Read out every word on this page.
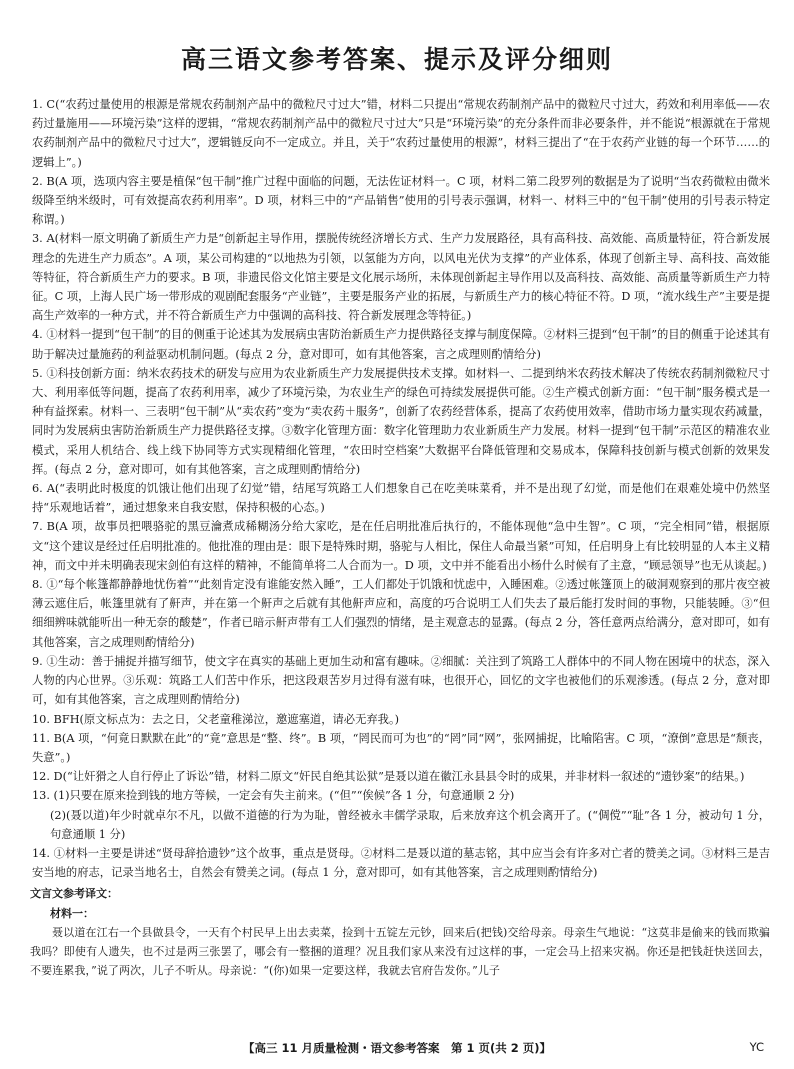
高三语文参考答案、提示及评分细则

1. C(“农药过量使用的根源是常规农药制剂产品中的微粒尺寸过大”错，材料二只提出“常规农药制剂产品中的微粒尺寸过大，药效和利用率低——农药过量施用——环境污染”这样的逻辑，“常规农药制剂产品中的微粒尺寸过大”只是“环境污染”的充分条件而非必要条件，并不能说“根源就在于常规农药制剂产品中的微粒尺寸过大”，逻辑链反向不一定成立。并且，关于“农药过量使用的根源”，材料三提出了“在于农药产业链的每一个环节……的逻辑上”。)

2. B(A 项，选项内容主要是植保“包干制”推广过程中面临的问题，无法佐证材料一。C 项，材料二第二段罗列的数据是为了说明“当农药微粒由微米级降至纳米级时，可有效提高农药利用率”。D 项，材料三中的“产品销售”使用的引号表示强调，材料一、材料三中的“包干制”使用的引号表示特定称谓。)

3. A(材料一原文明确了新质生产力是“创新起主导作用，摆脱传统经济增长方式、生产力发展路径，具有高科技、高效能、高质量特征，符合新发展理念的先进生产力质态”。A 项，某公司构建的“以地热为引领，以氢能为方向，以风电光伏为支撑”的产业体系，体现了创新主导、高科技、高效能等特征，符合新质生产力的要求。B 项，非遗民俗文化馆主要是文化展示场所，未体现创新起主导作用以及高科技、高效能、高质量等新质生产力特征。C 项，上海人民广场一带形成的观剧配套服务“产业链”，主要是服务产业的拓展，与新质生产力的核心特征不符。D 项，“流水线生产”主要是提高生产效率的一种方式，并不符合新质生产力中强调的高科技、符合新发展理念等特征。)

4. ①材料一提到“包干制”的目的侧重于论述其为发展病虫害防治新质生产力提供路径支撑与制度保障。②材料三提到“包干制”的目的侧重于论述其有助于解决过量施药的利益驱动机制问题。(每点 2 分，意对即可，如有其他答案，言之成理则酌情给分)

5. ①科技创新方面：纳米农药技术的研发与应用为农业新质生产力发展提供技术支撑。如材料一、二提到纳米农药技术解决了传统农药制剂微粒尺寸大、利用率低等问题，提高了农药利用率，减少了环境污染，为农业生产的绿色可持续发展提供可能。②生产模式创新方面：“包干制”服务模式是一种有益探索。材料一、三表明“包干制”从“卖农药”变为“卖农药＋服务”，创新了农药经营体系，提高了农药使用效率，借助市场力量实现农药减量，同时为发展病虫害防治新质生产力提供路径支撑。③数字化管理方面：数字化管理助力农业新质生产力发展。材料一提到“包干制”示范区的精准农业模式，采用人机结合、线上线下协同等方式实现精细化管理，“农田时空档案”大数据平台降低管理和交易成本，保障科技创新与模式创新的效果发挥。(每点 2 分，意对即可，如有其他答案，言之成理则酌情给分)

6. A(“表明此时极度的饥饿让他们出现了幻觉”错，结尾写筑路工人们想象自己在吃美味菜肴，并不是出现了幻觉，而是他们在艰难处境中仍然坚持“乐观地话着”，通过想象来自我安慰，保持积极的心态。)

7. B(A 项，故事员把喂骆驼的黑豆瀹煮成稀糊汤分给大家吃，是在任启明批准后执行的，不能体现他“急中生智”。C 项，“完全相同”错，根据原文“这个建议是经过任启明批准的。他批准的理由是：眼下是特殊时期，骆驼与人相比，保住人命最当紧”可知，任启明身上有比较明显的人本主义精神，而文中并未明确表现宋剑伯有这样的精神，不能简单将二人合而为一。D 项，文中并不能看出小杨什么时候有了主意，“顾忌领导”也无从谈起。)

8. ①“每个帐篷都静静地忧伤着”“此刻肯定没有谁能安然入睡”，工人们都处于饥饿和忧虑中，入睡困难。②透过帐篷顶上的破洞观察到的那片夜空被薄云遮住后，帐篷里就有了鼾声，并在第一个鼾声之后就有其他鼾声应和，高度的巧合说明工人们失去了最后能打发时间的事物，只能装睡。③“但细细辨味就能听出一种无奈的酸楚”，作者已暗示鼾声带有工人们强烈的情绪，是主观意志的显露。(每点 2 分，答任意两点给满分，意对即可，如有其他答案，言之成理则酌情给分)

9. ①生动：善于捕捉并描写细节，使文字在真实的基础上更加生动和富有趣味。②细腻：关注到了筑路工人群体中的不同人物在困境中的状态，深入人物的内心世界。③乐观：筑路工人们苦中作乐，把这段艰苦岁月过得有滋有味，也很开心，回忆的文字也被他们的乐观渗透。(每点 2 分，意对即可，如有其他答案，言之成理则酌情给分)

10. BFH(原文标点为：去之日，父老童稚涕泣，邀遮塞道，请必无弃我。)

11. B(A 项，“何竟日默默在此”的“竟”意思是“整、终”。B 项，“罔民而可为也”的“罔”同“网”，张网捕捉，比喻陷害。C 项，“潦倒”意思是“颓丧，失意”。)

12. D(“让奸猾之人自行停止了诉讼”错，材料二原文“奸民自绝其讼狱”是聂以道在徽江永县县令时的成果，并非材料一叙述的“遗钞案”的结果。)

13. (1)只要在原来捡到钱的地方等候，一定会有失主前来。(“但”“俟候”各 1 分，句意通顺 2 分)

(2)(聂以道)年少时就卓尔不凡，以做不道德的行为为耻，曾经被永丰儒学录取，后来放弃这个机会离开了。(“倜傥”“耻”各 1 分，被动句 1 分，句意通顺 1 分)

14. ①材料一主要是讲述“贤母辞拾遗钞”这个故事，重点是贤母。②材料二是聂以道的墓志铭，其中应当会有许多对亡者的赞美之词。③材料三是吉安当地的府志，记录当地名士，自然会有赞美之词。(每点 1 分，意对即可，如有其他答案，言之成理则酌情给分)

文言文参考译文：

材料一：

聂以道在江右一个县做县令，一天有个村民早上出去卖菜，捡到十五锭左元钞，回来后(把钱)交给母亲。母亲生气地说：“这莫非是偷来的钱而欺骗我吗？即使有人遗失，也不过是两三张罢了，哪会有一整捆的道理？况且我们家从来没有过这样的事，一定会马上招来灾祸。你还是把钱赶快送回去，不要连累我，”说了两次，儿子不听从。母亲说：“(你)如果一定要这样，我就去官府告发你。”儿子

【高三 11 月质量检测・语文参考答案　第 1 页(共 2 页)】	YC
